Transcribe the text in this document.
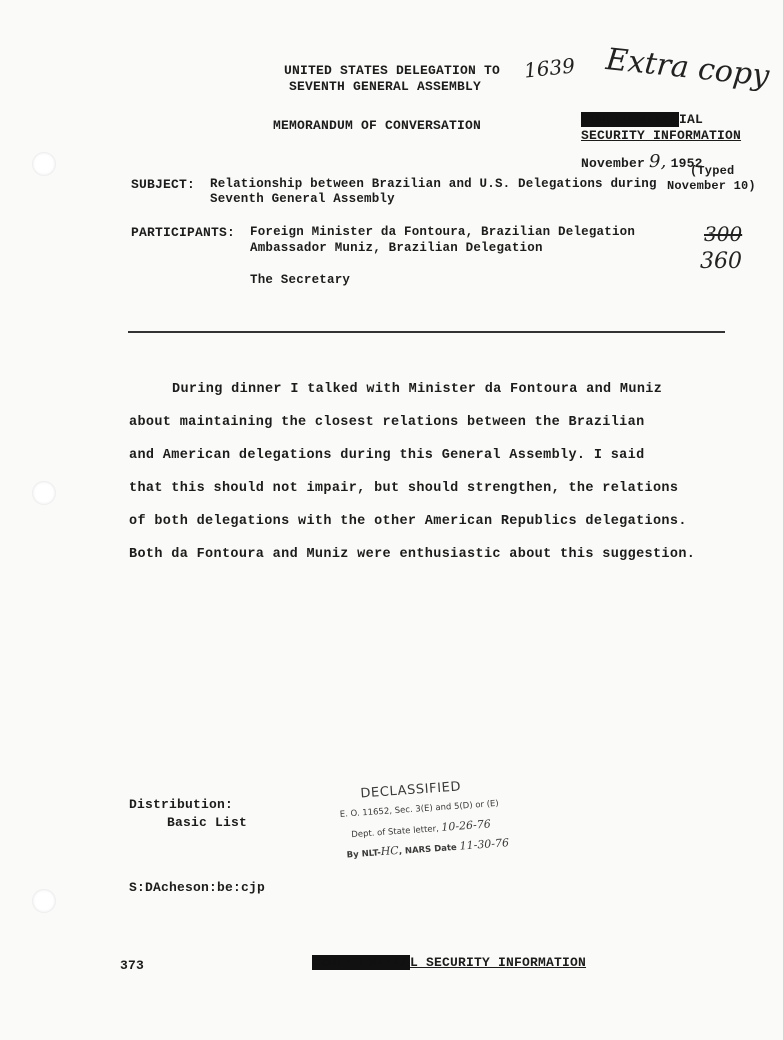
UNITED STATES DELEGATION TO
SEVENTH GENERAL ASSEMBLY
MEMORANDUM OF CONVERSATION
1639 Extra copy
CONFIDENTIALIAL
SECURITY INFORMATION
November 9, 1952
(Typed
November 10)
SUBJECT: Relationship between Brazilian and U.S. Delegations during
Seventh General Assembly
PARTICIPANTS: Foreign Minister da Fontoura, Brazilian Delegation
Ambassador Muniz, Brazilian Delegation
The Secretary
300
360
During dinner I talked with Minister da Fontoura and Muniz
about maintaining the closest relations between the Brazilian
and American delegations during this General Assembly. I said
that this should not impair, but should strengthen, the relations
of both delegations with the other American Republics delegations.
Both da Fontoura and Muniz were enthusiastic about this suggestion.
Distribution:
Basic List
DECLASSIFIED
E. O. 11652, Sec. 3(E) and 5(D) or (E)
Dept. of State letter, 10-26-76
By NLT-HC, NARS Date 11-30-76
S:DAcheson:be:cjp
373	CONFIDENTIALL SECURITY INFORMATION
